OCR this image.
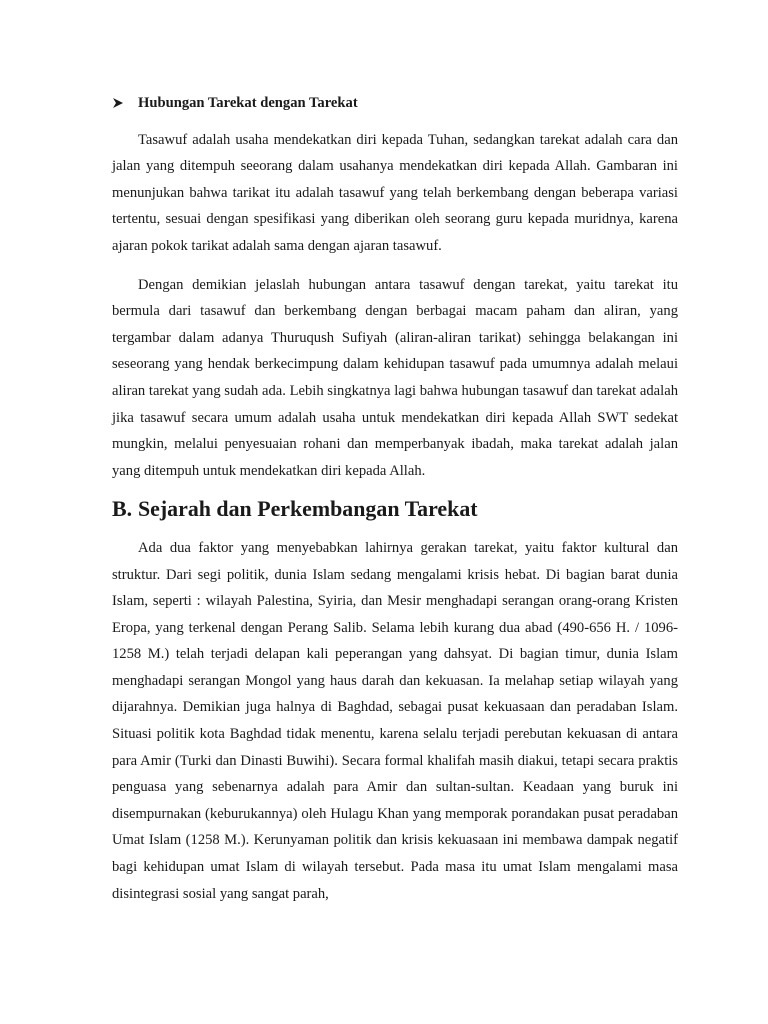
Hubungan Tarekat dengan Tarekat

Tasawuf adalah usaha mendekatkan diri kepada Tuhan, sedangkan tarekat adalah cara dan jalan yang ditempuh seeorang dalam usahanya mendekatkan diri kepada Allah. Gambaran ini menunjukan bahwa tarikat itu adalah tasawuf yang telah berkembang dengan beberapa variasi tertentu, sesuai dengan spesifikasi yang diberikan oleh seorang guru kepada muridnya, karena ajaran pokok tarikat adalah sama dengan ajaran tasawuf.

Dengan demikian jelaslah hubungan antara tasawuf dengan tarekat, yaitu tarekat itu bermula dari tasawuf dan berkembang dengan berbagai macam paham dan aliran, yang tergambar dalam adanya Thuruqush Sufiyah (aliran-aliran tarikat) sehingga belakangan ini seseorang yang hendak berkecimpung dalam kehidupan tasawuf pada umumnya adalah melaui aliran tarekat yang sudah ada. Lebih singkatnya lagi bahwa hubungan tasawuf dan tarekat adalah jika tasawuf secara umum adalah usaha untuk mendekatkan diri kepada Allah SWT sedekat mungkin, melalui penyesuaian rohani dan memperbanyak ibadah, maka tarekat adalah jalan yang ditempuh untuk mendekatkan diri kepada Allah.

B. Sejarah dan Perkembangan Tarekat

Ada dua faktor yang menyebabkan lahirnya gerakan tarekat, yaitu faktor kultural dan struktur. Dari segi politik, dunia Islam sedang mengalami krisis hebat. Di bagian barat dunia Islam, seperti : wilayah Palestina, Syiria, dan Mesir menghadapi serangan orang-orang Kristen Eropa, yang terkenal dengan Perang Salib. Selama lebih kurang dua abad (490-656 H. / 1096-1258 M.) telah terjadi delapan kali peperangan yang dahsyat. Di bagian timur, dunia Islam menghadapi serangan Mongol yang haus darah dan kekuasan. Ia melahap setiap wilayah yang dijarahnya. Demikian juga halnya di Baghdad, sebagai pusat kekuasaan dan peradaban Islam. Situasi politik kota Baghdad tidak menentu, karena selalu terjadi perebutan kekuasan di antara para Amir (Turki dan Dinasti Buwihi). Secara formal khalifah masih diakui, tetapi secara praktis penguasa yang sebenarnya adalah para Amir dan sultan-sultan. Keadaan yang buruk ini disempurnakan (keburukannya) oleh Hulagu Khan yang memporak porandakan pusat peradaban Umat Islam (1258 M.). Kerunyaman politik dan krisis kekuasaan ini membawa dampak negatif bagi kehidupan umat Islam di wilayah tersebut. Pada masa itu umat Islam mengalami masa disintegrasi sosial yang sangat parah,
